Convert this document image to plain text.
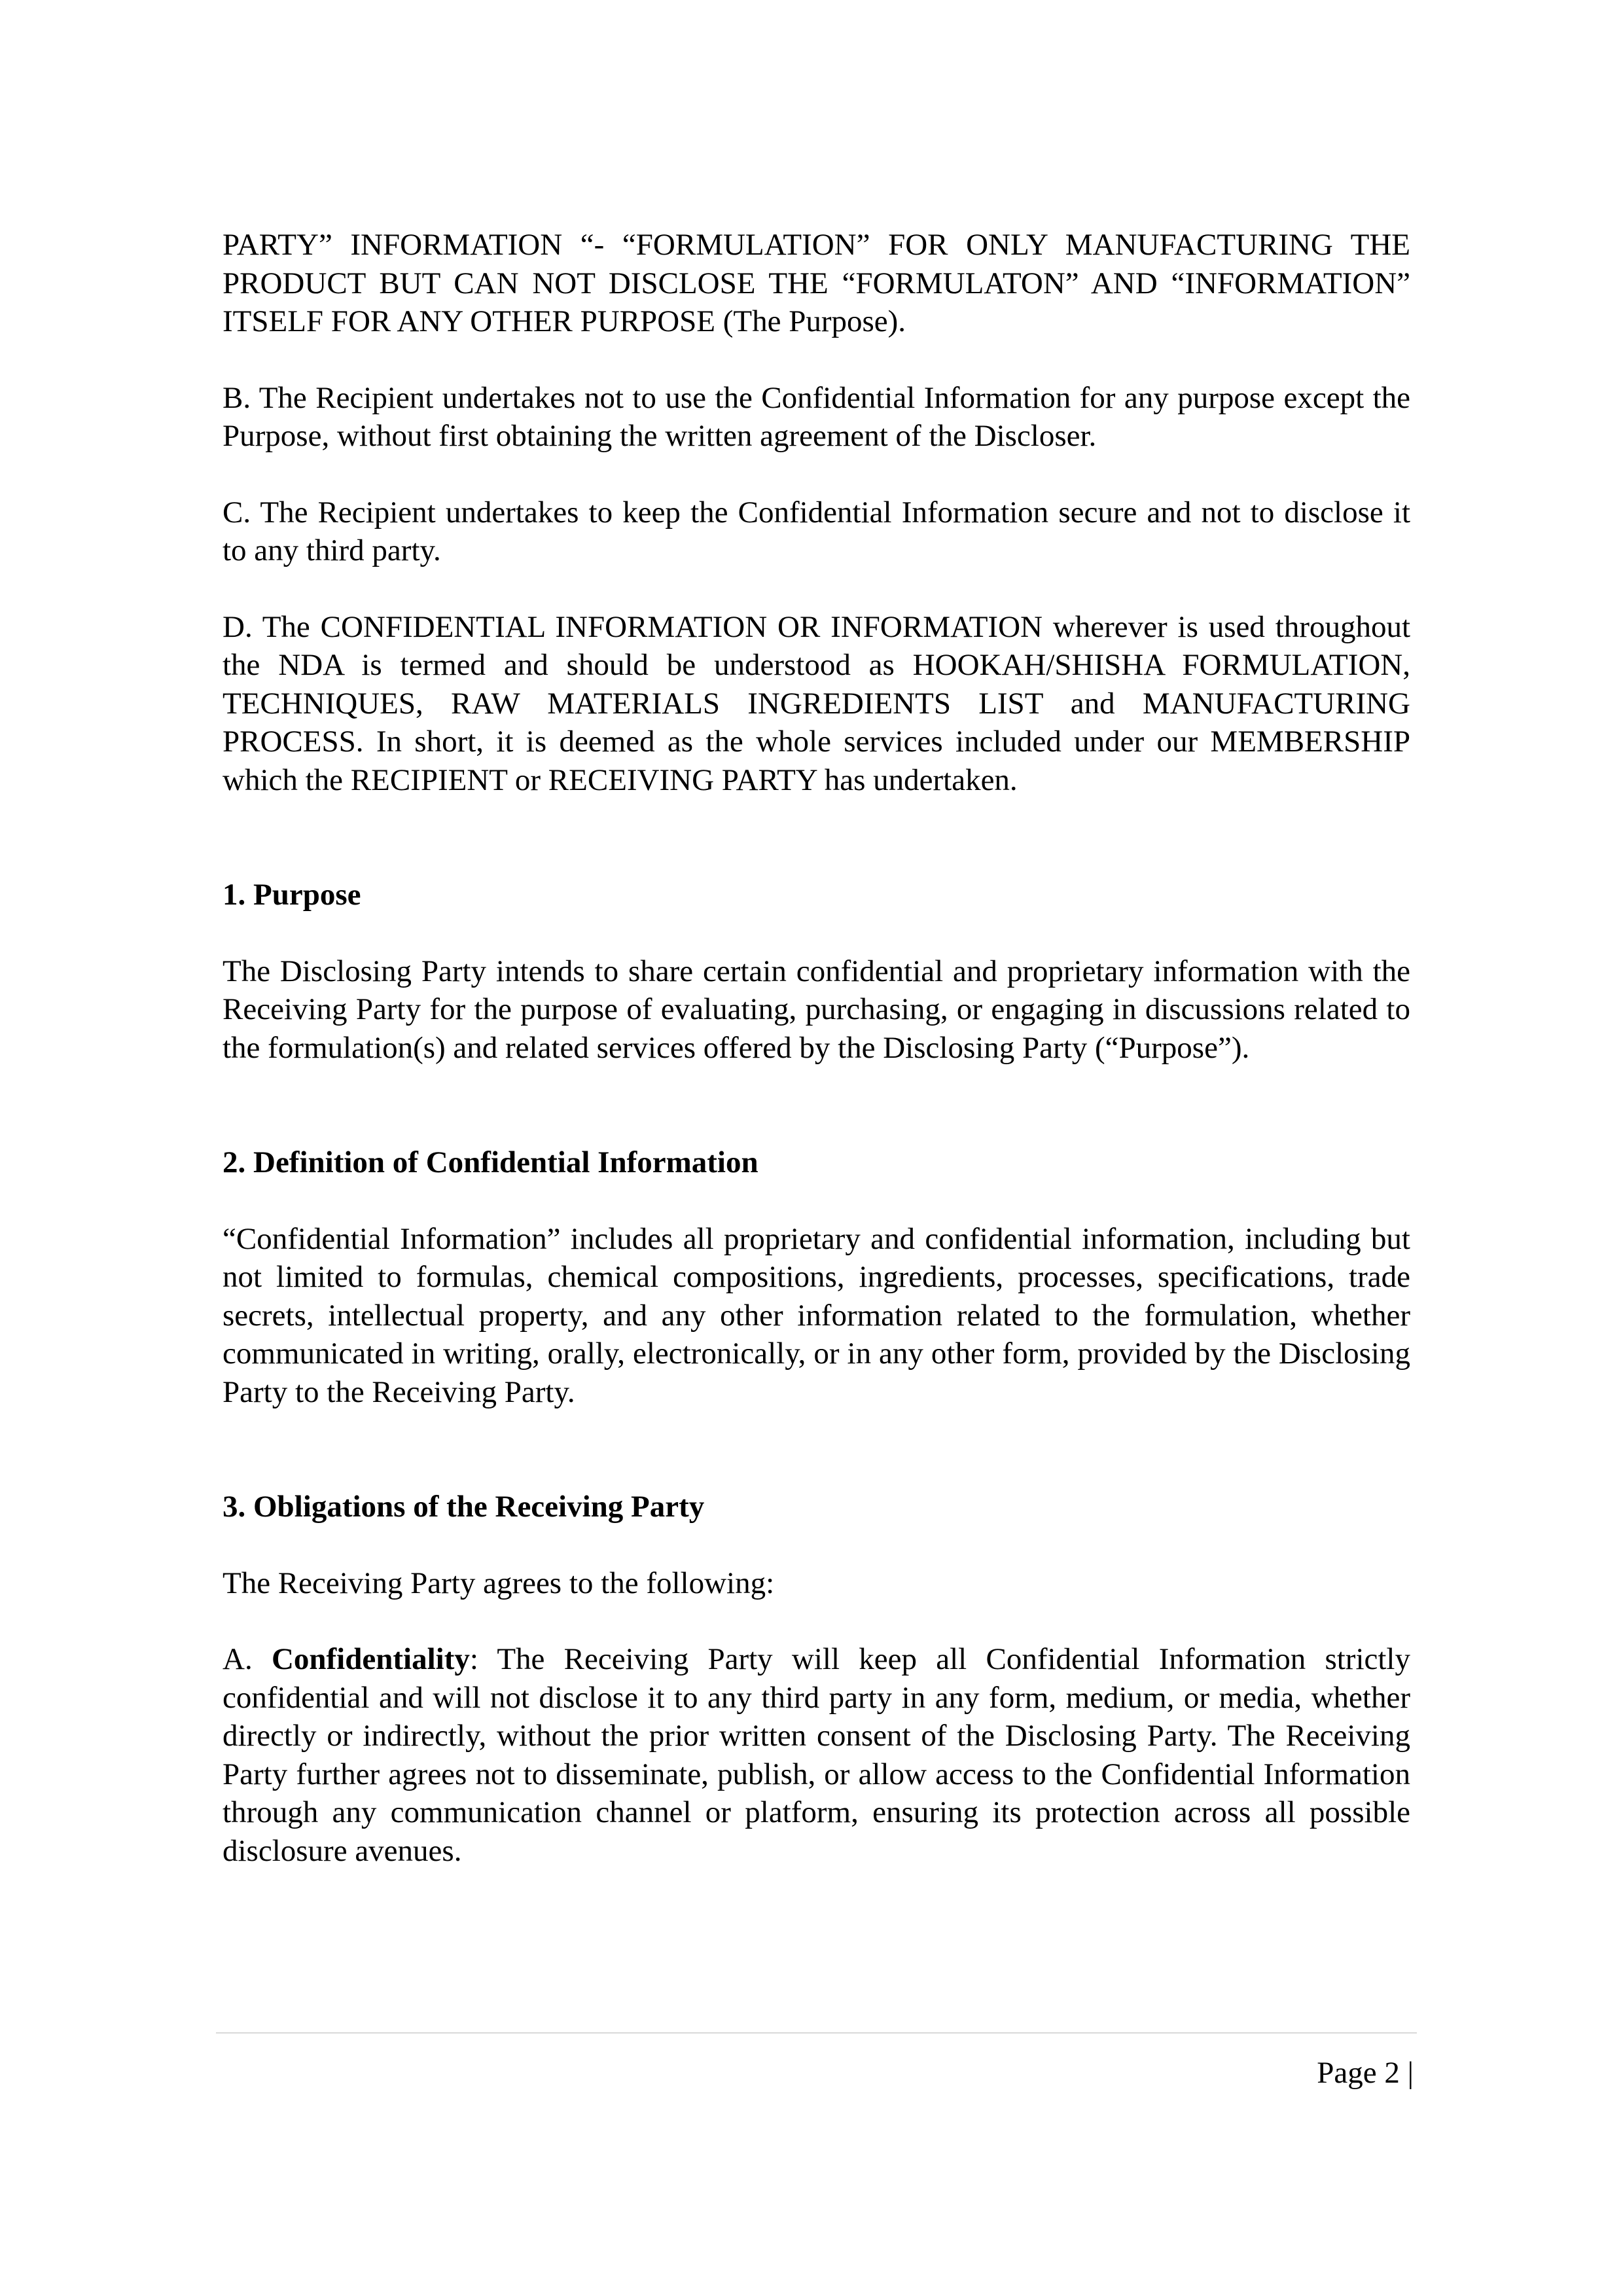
PARTY” INFORMATION “- “FORMULATION” FOR ONLY MANUFACTURING THE PRODUCT BUT CAN NOT DISCLOSE THE “FORMULATON” AND “INFORMATION” ITSELF FOR ANY OTHER PURPOSE (The Purpose).

B. The Recipient undertakes not to use the Confidential Information for any purpose except the Purpose, without first obtaining the written agreement of the Discloser.

C. The Recipient undertakes to keep the Confidential Information secure and not to disclose it to any third party.

D. The CONFIDENTIAL INFORMATION OR INFORMATION wherever is used throughout the NDA is termed and should be understood as HOOKAH/SHISHA FORMULATION, TECHNIQUES, RAW MATERIALS INGREDIENTS LIST and MANUFACTURING PROCESS. In short, it is deemed as the whole services included under our MEMBERSHIP which the RECIPIENT or RECEIVING PARTY has undertaken.

1. Purpose

The Disclosing Party intends to share certain confidential and proprietary information with the Receiving Party for the purpose of evaluating, purchasing, or engaging in discussions related to the formulation(s) and related services offered by the Disclosing Party (“Purpose”).

2. Definition of Confidential Information

“Confidential Information” includes all proprietary and confidential information, including but not limited to formulas, chemical compositions, ingredients, processes, specifications, trade secrets, intellectual property, and any other information related to the formulation, whether communicated in writing, orally, electronically, or in any other form, provided by the Disclosing Party to the Receiving Party.

3. Obligations of the Receiving Party

The Receiving Party agrees to the following:

A. Confidentiality: The Receiving Party will keep all Confidential Information strictly confidential and will not disclose it to any third party in any form, medium, or media, whether directly or indirectly, without the prior written consent of the Disclosing Party. The Receiving Party further agrees not to disseminate, publish, or allow access to the Confidential Information through any communication channel or platform, ensuring its protection across all possible disclosure avenues.

Page 2 |
